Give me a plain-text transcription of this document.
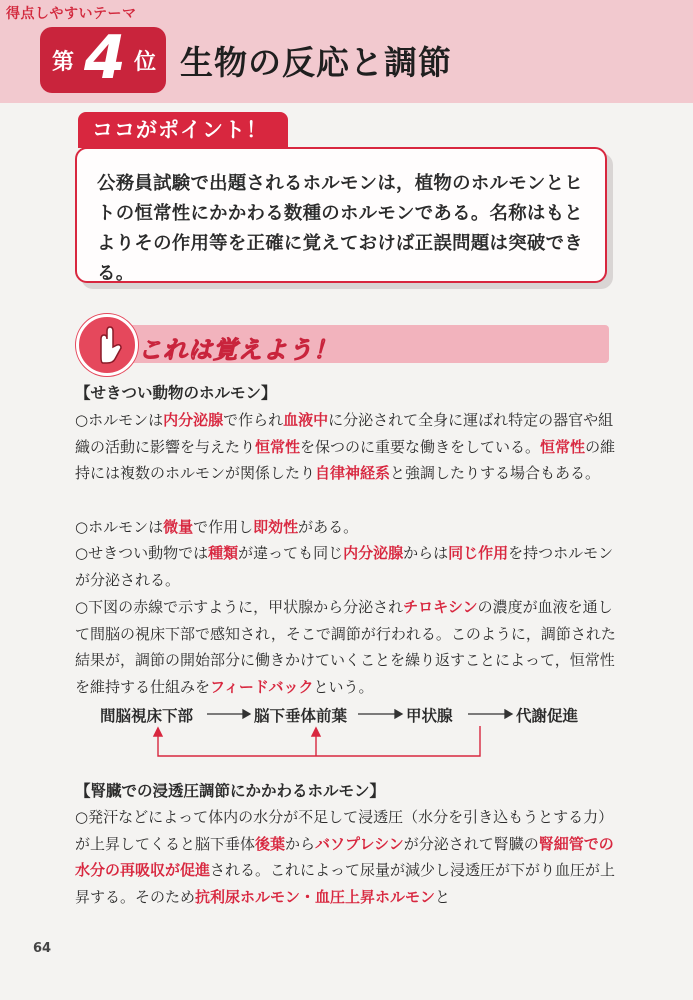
得点しやすいテーマ
第 4 位 生物の反応と調節
ココがポイント！
公務員試験で出題されるホルモンは，植物のホルモンとヒトの恒常性にかかわる数種のホルモンである。名称はもとよりその作用等を正確に覚えておけば正誤問題は突破できる。
これは覚えよう！
【せきつい動物のホルモン】
○ホルモンは内分泌腺で作られ血液中に分泌されて全身に運ばれ特定の器官や組織の活動に影響を与えたり恒常性を保つのに重要な働きをしている。恒常性の維持には複数のホルモンが関係したり自律神経系と強調したりする場合もある。
○ホルモンは微量で作用し即効性がある。
○せきつい動物では種類が違っても同じ内分泌腺からは同じ作用を持つホルモンが分泌される。
○下図の赤線で示すように，甲状腺から分泌されチロキシンの濃度が血液を通して間脳の視床下部で感知され，そこで調節が行われる。このように，調節された結果が，調節の開始部分に働きかけていくことを繰り返すことによって，恒常性を維持する仕組みをフィードバックという。
間脳視床下部	脳下垂体前葉	甲状腺	代謝促進
【腎臓での浸透圧調節にかかわるホルモン】
○発汗などによって体内の水分が不足して浸透圧（水分を引き込もうとする力）が上昇してくると脳下垂体後葉からバソプレシンが分泌されて腎臓の腎細管での水分の再吸収が促進される。これによって尿量が減少し浸透圧が下がり血圧が上昇する。そのため抗利尿ホルモン・血圧上昇ホルモンと
64
